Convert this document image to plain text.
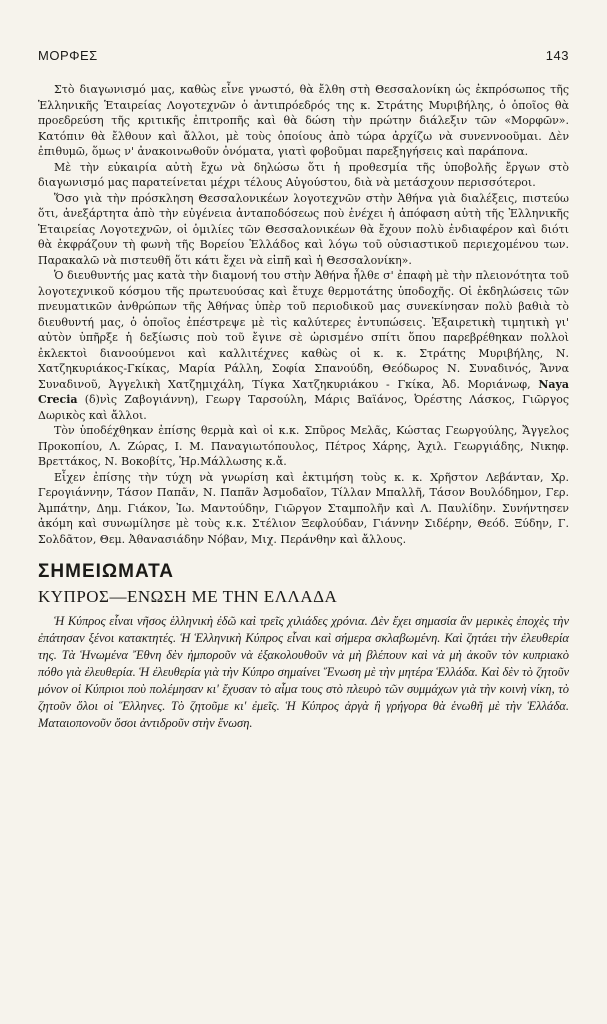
ΜΟΡΦΕΣ	143

Στὸ διαγωνισμό μας, καθὼς εἶνε γνωστό, θὰ ἔλθη στὴ Θεσσαλονίκη ὡς ἐκπρόσωπος τῆς Ἑλληνικῆς Ἑταιρείας Λογοτεχνῶν ὁ ἀντιπρόεδρός της κ. Στράτης Μυριβήλης, ὁ ὁποῖος θὰ προεδρεύση τῆς κριτικῆς ἐπιτροπῆς καὶ θὰ δώση τὴν πρώτην διάλεξιν τῶν «Μορφῶν». Κατόπιν θὰ ἔλθουν καὶ ἄλλοι, μὲ τοὺς ὁποίους ἀπὸ τώρα ἀρχίζω νὰ συνεννοοῦμαι. Δὲν ἐπιθυμῶ, ὅμως ν' ἀνακοινωθοῦν ὀνόματα, γιατὶ φοβοῦμαι παρεξηγήσεις καὶ παράπονα.

Μὲ τὴν εὐκαιρία αὐτὴ ἔχω νὰ δηλώσω ὅτι ἡ προθεσμία τῆς ὑποβολῆς ἔργων στὸ διαγωνισμό μας παρατείνεται μέχρι τέλους Αὐγούστου, διὰ νὰ μετάσχουν περισσότεροι.

Ὅσο γιὰ τὴν πρόσκληση Θεσσαλονικέων λογοτεχνῶν στὴν Ἀθήνα γιὰ διαλέξεις, πιστεύω ὅτι, ἀνεξάρτητα ἀπὸ τὴν εὐγένεια ἀνταποδόσεως ποὺ ἐνέχει ἡ ἀπόφαση αὐτὴ τῆς Ἑλληνικῆς Ἑταιρείας Λογοτεχνῶν, οἱ ὁμιλίες τῶν Θεσσαλονικέων θὰ ἔχουν πολὺ ἐνδιαφέρον καὶ διότι θὰ ἐκφράζουν τὴ φωνὴ τῆς Βορείου Ἑλλάδος καὶ λόγω τοῦ οὐσιαστικοῦ περιεχομένου των. Παρακαλῶ νὰ πιστευθῆ ὅτι κάτι ἔχει νὰ εἰπῆ καὶ ἡ Θεσσαλονίκη».

Ὁ διευθυντής μας κατὰ τὴν διαμονή του στὴν Ἀθήνα ἦλθε σ' ἐπαφὴ μὲ τὴν πλειονότητα τοῦ λογοτεχνικοῦ κόσμου τῆς πρωτευούσας καὶ ἔτυχε θερμοτάτης ὑποδοχῆς. Οἱ ἐκδηλώσεις τῶν πνευματικῶν ἀνθρώπων τῆς Ἀθήνας ὑπὲρ τοῦ περιοδικοῦ μας συνεκίνησαν πολὺ βαθιὰ τὸ διευθυντή μας, ὁ ὁποῖος ἐπέστρεψε μὲ τὶς καλύτερες ἐντυπώσεις. Ἐξαιρετικὴ τιμητικὴ γι' αὐτὸν ὑπῆρξε ἡ δεξίωσις ποὺ τοῦ ἔγινε σὲ ὡρισμένο σπίτι ὅπου παρεβρέθηκαν πολλοὶ ἐκλεκτοὶ διανοούμενοι καὶ καλλιτέχνες καθὼς οἱ κ. κ. Στράτης Μυριβήλης, Ν. Χατζηκυριάκος-Γκίκας, Μαρία Ράλλη, Σοφία Σπανούδη, Θεόδωρος Ν. Συναδινός, Ἄννα Συναδινοῦ, Ἀγγελικὴ Χατζημιχάλη, Τίγκα Χατζηκυριάκου - Γκίκα, Ἀδ. Μοριάνωφ, Naya Crecia (δ)νὶς Ζαβογιάννη), Γεωργ Ταρσούλη, Μάρις Βαϊάνος, Ὀρέστης Λάσκος, Γιῶργος Δωρικὸς καὶ ἄλλοι.

Τὸν ὑποδέχθηκαν ἐπίσης θερμὰ καὶ οἱ κ.κ. Σπῦρος Μελᾶς, Κώστας Γεωργούλης, Ἄγγελος Προκοπίου, Λ. Ζώρας, Ι. Μ. Παναγιωτόπουλος, Πέτρος Χάρης, Ἀχιλ. Γεωργιάδης, Νικηφ. Βρεττάκος, Ν. Βοκοβίτς, Ἡρ.Μάλλωσης κ.ἄ.

Εἶχεν ἐπίσης τὴν τύχη νὰ γνωρίση καὶ ἐκτιμήση τοὺς κ. κ. Χρῆστον Λεβάνταν, Χρ. Γερογιάννην, Τάσον Παπᾶν, Ν. Παπᾶν Ἀσμοδαῖον, Τίλλαν Μπαλλῆ, Τάσον Βουλόδημον, Γερ. Ἀμπάτην, Δημ. Γιάκον, Ἰω. Μαντούδην, Γιῶργον Σταμπολῆν καὶ Λ. Παυλίδην. Συνήντησεν ἀκόμη καὶ συνωμίλησε μὲ τοὺς κ.κ. Στέλιον Ξεφλούδαν, Γιάννην Σιδέρην, Θεόδ. Ξύδην, Γ. Σολδᾶτον, Θεμ. Ἀθανασιάδην Νόβαν, Μιχ. Περάνθην καὶ ἄλλους.

ΣΗΜΕΙΩΜΑΤΑ
ΚΥΠΡΟΣ—ΕΝΩΣΗ ΜΕ ΤΗΝ ΕΛΛΑΔΑ

Ἡ Κύπρος εἶναι νῆσος ἑλληνικὴ ἐδῶ καὶ τρεῖς χιλιάδες χρόνια. Δὲν ἔχει σημασία ἂν μερικὲς ἐποχὲς τὴν ἐπάτησαν ξένοι κατακτητές. Ἡ Ἑλληνικὴ Κύπρος εἶναι καὶ σήμερα σκλαβωμένη. Καὶ ζητάει τὴν ἐλευθερία της. Τὰ Ἡνωμένα Ἔθνη δὲν ἠμποροῦν νὰ ἐξακολουθοῦν νὰ μὴ βλέπουν καὶ νὰ μὴ ἀκοῦν τὸν κυπριακὸ πόθο γιὰ ἐλευθερία. Ἡ ἐλευθερία γιὰ τὴν Κύπρο σημαίνει Ἕνωση μὲ τὴν μητέρα Ἑλλάδα. Καὶ δὲν τὸ ζητοῦν μόνον οἱ Κύπριοι ποὺ πολέμησαν κι' ἔχυσαν τὸ αἷμα τους στὸ πλευρὸ τῶν συμμάχων γιὰ τὴν κοινὴ νίκη, τὸ ζητοῦν ὅλοι οἱ Ἕλληνες. Τὸ ζητοῦμε κι' ἐμεῖς. Ἡ Κύπρος ἀργὰ ἢ γρήγορα θὰ ἑνωθῆ μὲ τὴν Ἑλλάδα. Ματαιοπονοῦν ὅσοι ἀντιδροῦν στὴν ἕνωση.
